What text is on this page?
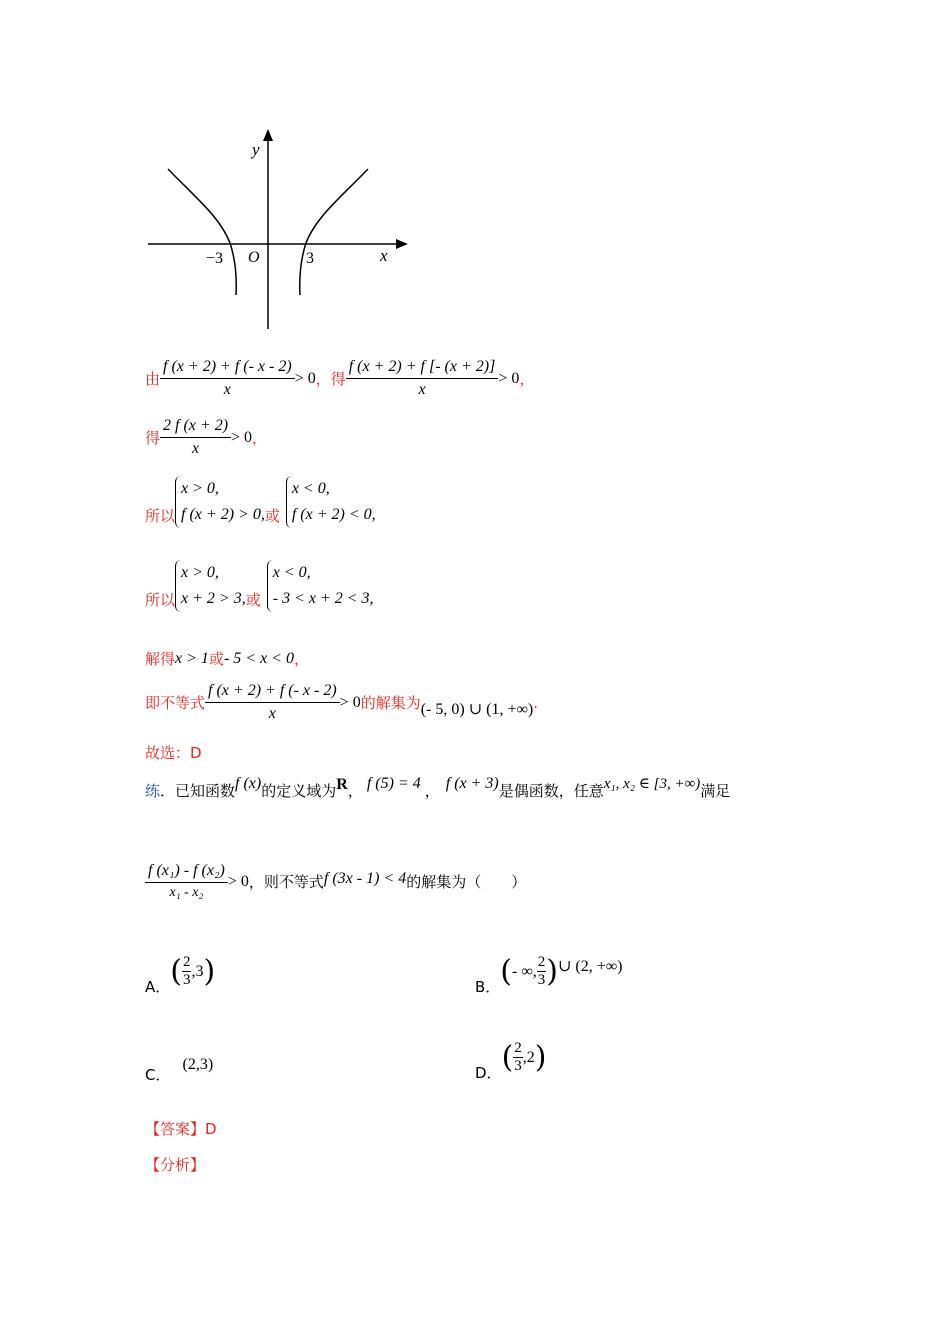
y
x
O
−3	3
由 $\frac{f (x + 2) + f (- x - 2)}{x} > 0$ ， 得 $\frac{f (x + 2) + f [- (x + 2)]}{x} > 0$ ，
得 $\frac{2 f (x + 2)}{x} > 0$ ，
所以
x > 0,
f (x + 2) > 0, 或
x < 0,
f (x + 2) < 0,
所以
x > 0,
x + 2 > 3, 或
x < 0,
- 3 < x + 2 < 3,
解得 x > 1 或 - 5 < x < 0 ，
即不等式 $\frac{f (x + 2) + f (- x - 2)}{x} > 0$ 的解集为 (- 5, 0) ∪ (1, +∞) .
故选： D
练 ．已知函数 f (x) 的定义域为 R ， f (5) = 4 ， f (x + 3) 是偶函数，任意 x₁, x₂ ∈ [3, +∞) 满足
$\frac{\text{f (x₁) - f (x₂)}}{\text{x₁ - x₂}} > 0$ ，则不等式 f (3x - 1) < 4 的解集为（　　）
A． ( $\frac{2}{3} ,3$ )	B． ( - ∞, $\frac{2}{3}$ ) ∪ (2, +∞)
C．
(2,3)	D． ( $\frac{2}{3} ,2$ )
【答案】 D
【分析】
